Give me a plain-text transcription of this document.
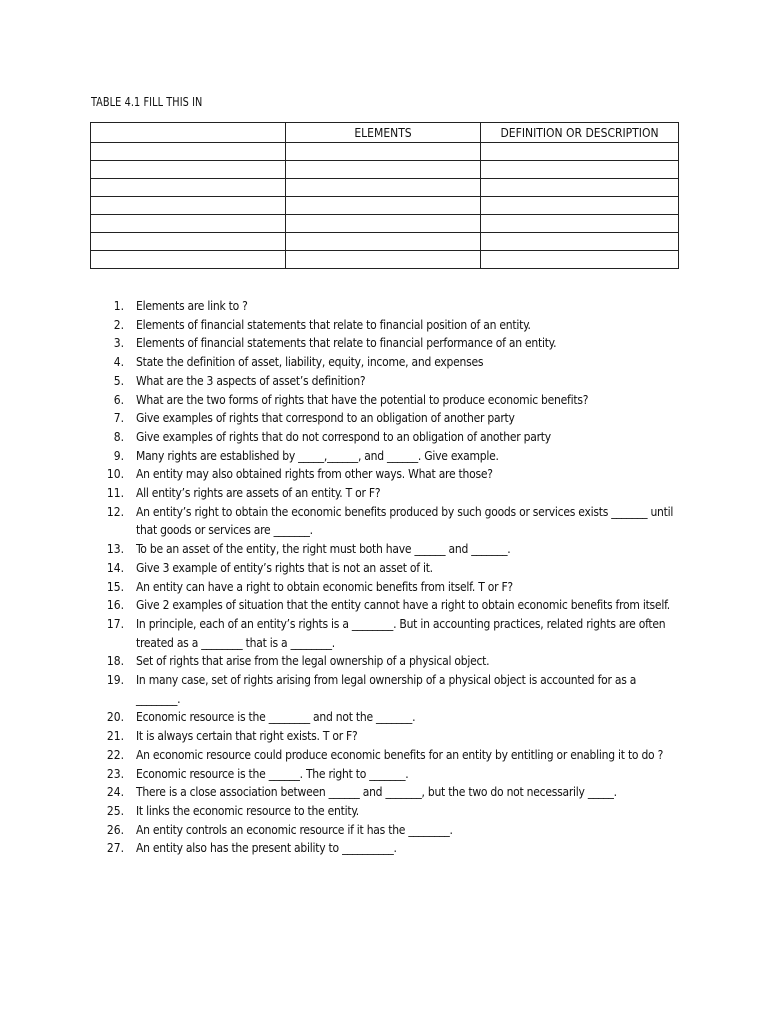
TABLE 4.1 FILL THIS IN
	ELEMENTS	DEFINITION OR DESCRIPTION

1. Elements are link to ?
2. Elements of financial statements that relate to financial position of an entity.
3. Elements of financial statements that relate to financial performance of an entity.
4. State the definition of asset, liability, equity, income, and expenses
5. What are the 3 aspects of asset’s definition?
6. What are the two forms of rights that have the potential to produce economic benefits?
7. Give examples of rights that correspond to an obligation of another party
8. Give examples of rights that do not correspond to an obligation of another party
9. Many rights are established by _____,______, and ______. Give example.
10. An entity may also obtained rights from other ways. What are those?
11. All entity’s rights are assets of an entity. T or F?
12. An entity’s right to obtain the economic benefits produced by such goods or services exists _______ until that goods or services are _______.
13. To be an asset of the entity, the right must both have ______ and _______.
14. Give 3 example of entity’s rights that is not an asset of it.
15. An entity can have a right to obtain economic benefits from itself. T or F?
16. Give 2 examples of situation that the entity cannot have a right to obtain economic benefits from itself.
17. In principle, each of an entity’s rights is a ________. But in accounting practices, related rights are often treated as a ________ that is a ________.
18. Set of rights that arise from the legal ownership of a physical object.
19. In many case, set of rights arising from legal ownership of a physical object is accounted for as a ________.
20. Economic resource is the ________ and not the _______.
21. It is always certain that right exists. T or F?
22. An economic resource could produce economic benefits for an entity by entitling or enabling it to do ?
23. Economic resource is the ______. The right to _______.
24. There is a close association between ______ and _______, but the two do not necessarily _____.
25. It links the economic resource to the entity.
26. An entity controls an economic resource if it has the ________.
27. An entity also has the present ability to __________.
